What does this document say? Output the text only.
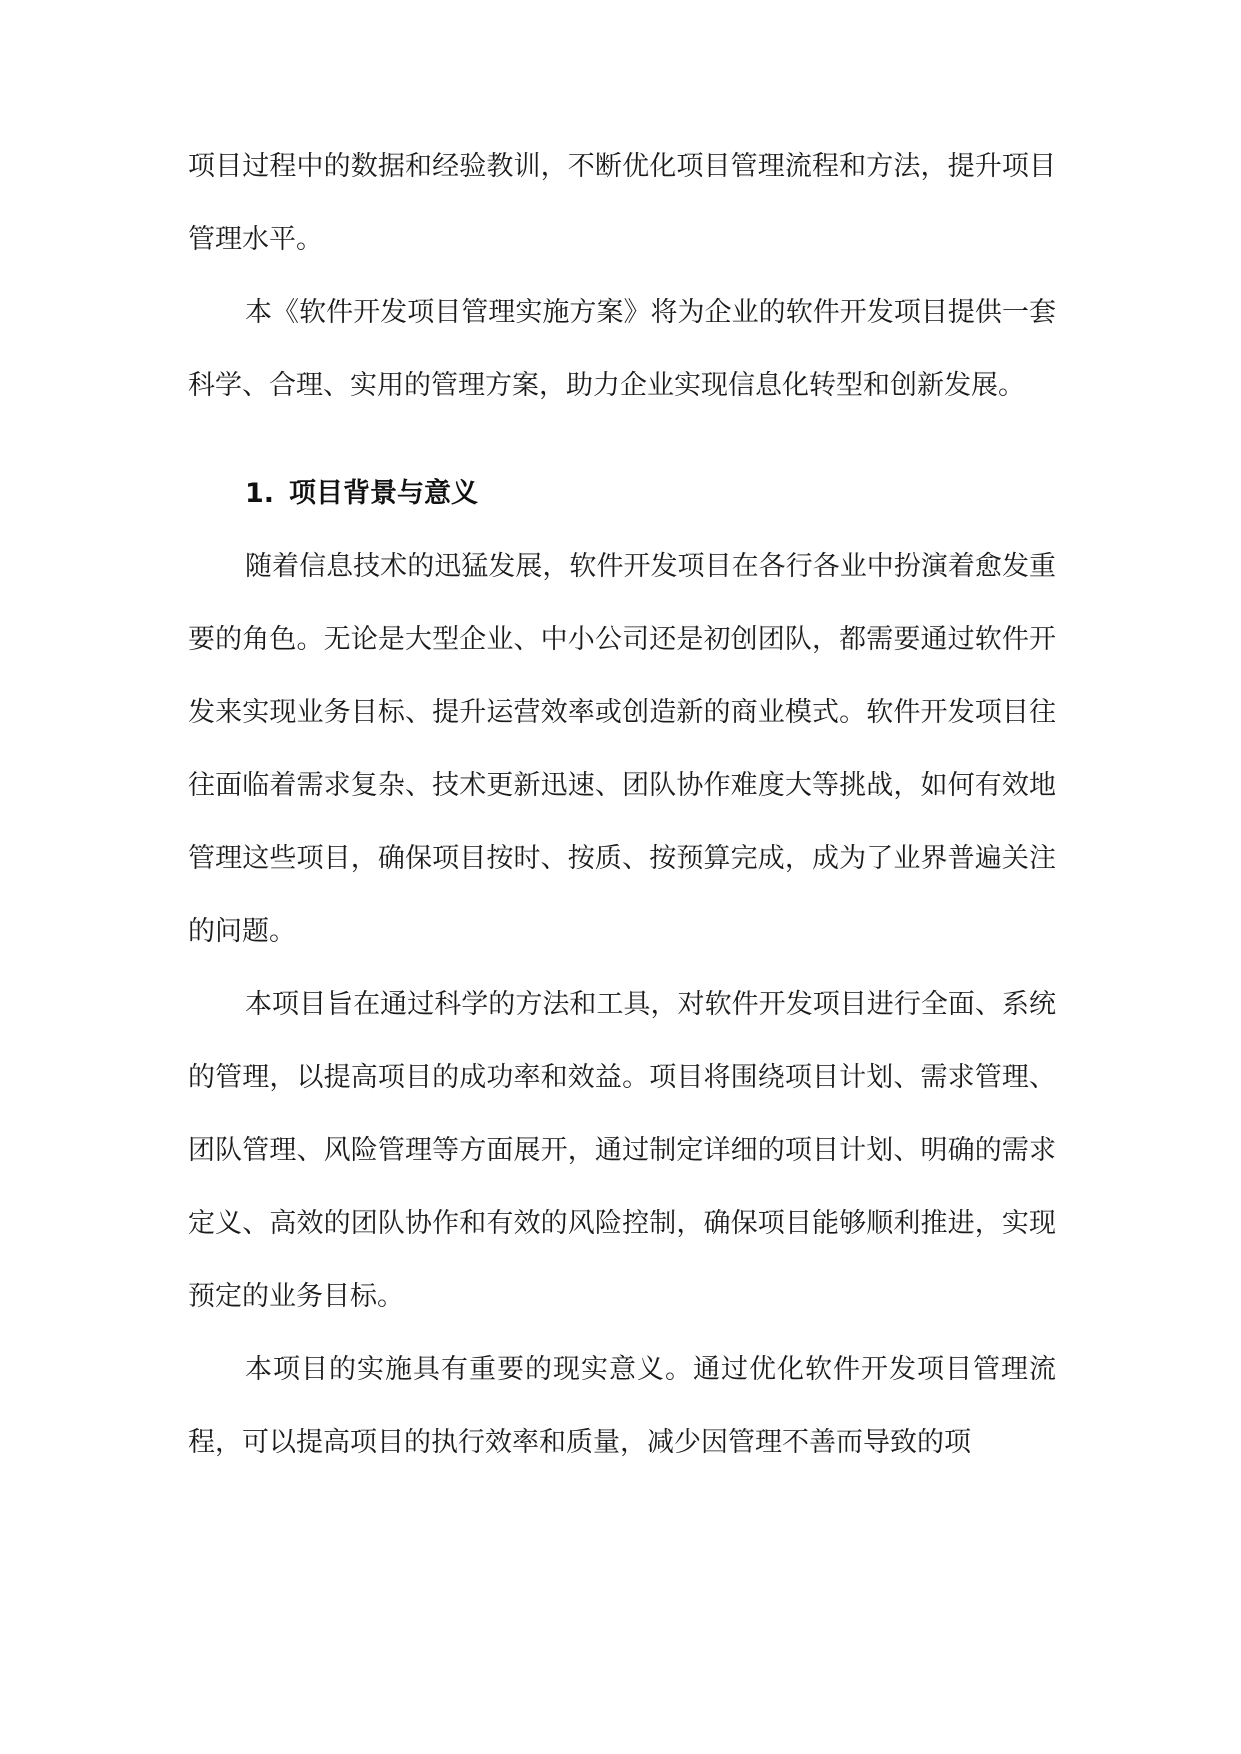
项目过程中的数据和经验教训，不断优化项目管理流程和方法，提升项目管理水平。

本《软件开发项目管理实施方案》将为企业的软件开发项目提供一套科学、合理、实用的管理方案，助力企业实现信息化转型和创新发展。

1. 项目背景与意义

随着信息技术的迅猛发展，软件开发项目在各行各业中扮演着愈发重要的角色。无论是大型企业、中小公司还是初创团队，都需要通过软件开发来实现业务目标、提升运营效率或创造新的商业模式。软件开发项目往往面临着需求复杂、技术更新迅速、团队协作难度大等挑战，如何有效地管理这些项目，确保项目按时、按质、按预算完成，成为了业界普遍关注的问题。

本项目旨在通过科学的方法和工具，对软件开发项目进行全面、系统的管理，以提高项目的成功率和效益。项目将围绕项目计划、需求管理、团队管理、风险管理等方面展开，通过制定详细的项目计划、明确的需求定义、高效的团队协作和有效的风险控制，确保项目能够顺利推进，实现预定的业务目标。

本项目的实施具有重要的现实意义。通过优化软件开发项目管理流程，可以提高项目的执行效率和质量，减少因管理不善而导致的项
